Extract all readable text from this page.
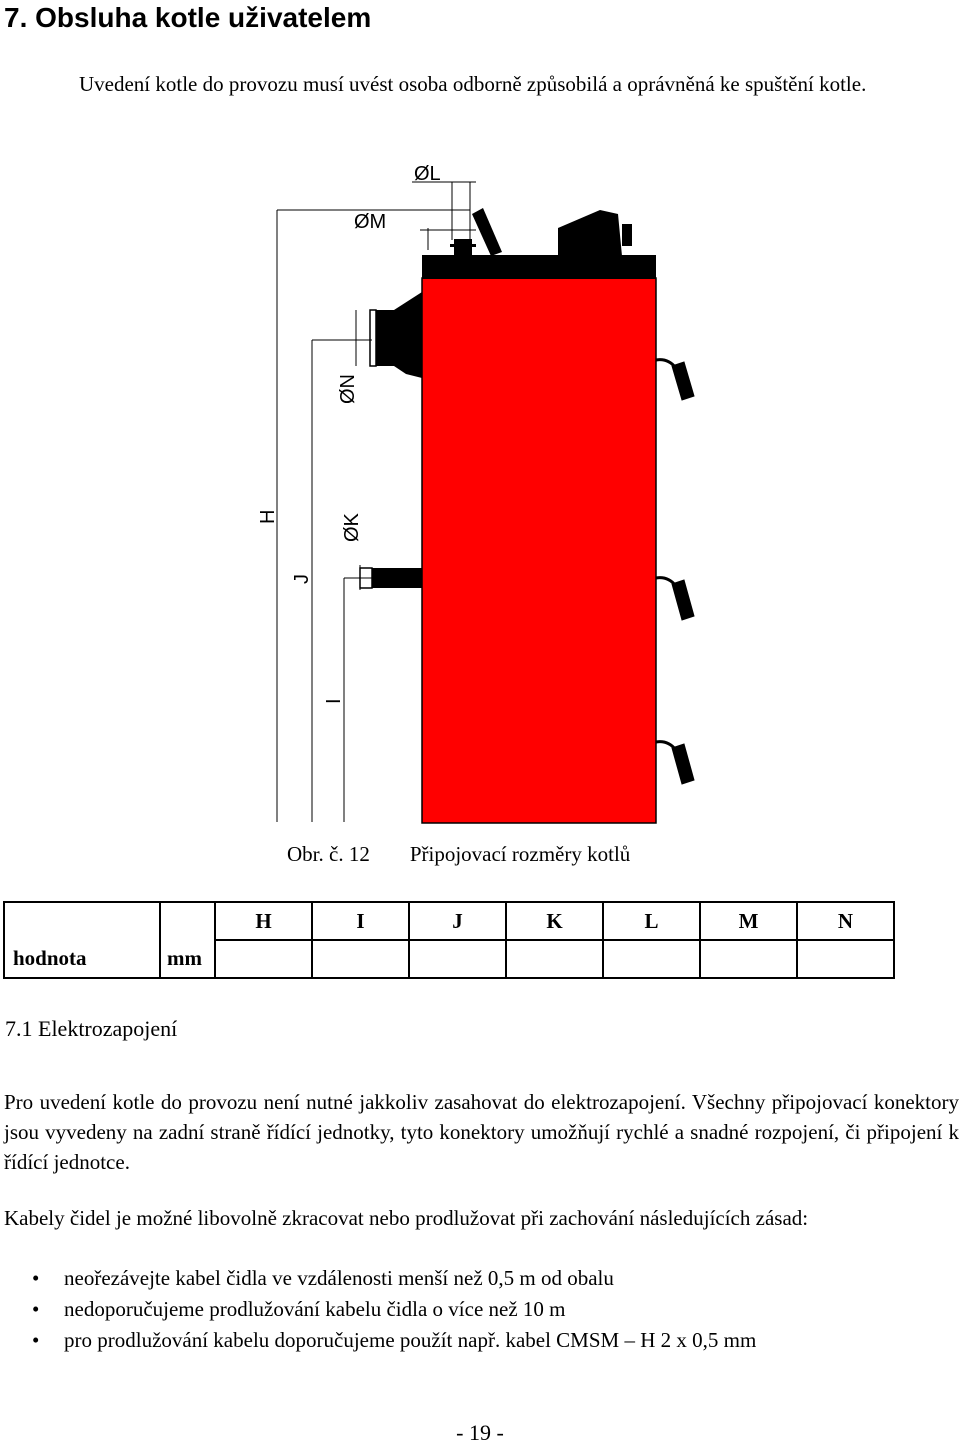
7. Obsluha kotle uživatelem
Uvedení kotle do provozu musí uvést osoba odborně způsobilá a oprávněná ke spuštění kotle.
ØL
ØM
ØN
ØK
H
J
I
Obr. č. 12 Připojovací rozměry kotlů
		H	I	J	K	L	M	N
hodnota	mm							
7.1 Elektrozapojení
Pro uvedení kotle do provozu není nutné jakkoliv zasahovat do elektrozapojení. Všechny připojovací konektory jsou vyvedeny na zadní straně řídící jednotky, tyto konektory umožňují rychlé a snadné rozpojení, či připojení k řídící jednotce.
Kabely čidel je možné libovolně zkracovat nebo prodlužovat při zachování následujících zásad:
• neořezávejte kabel čidla ve vzdálenosti menší než 0,5 m od obalu
• nedoporučujeme prodlužování kabelu čidla o více než 10 m
• pro prodlužování kabelu doporučujeme použít např. kabel CMSM – H 2 x 0,5 mm
- 19 -
